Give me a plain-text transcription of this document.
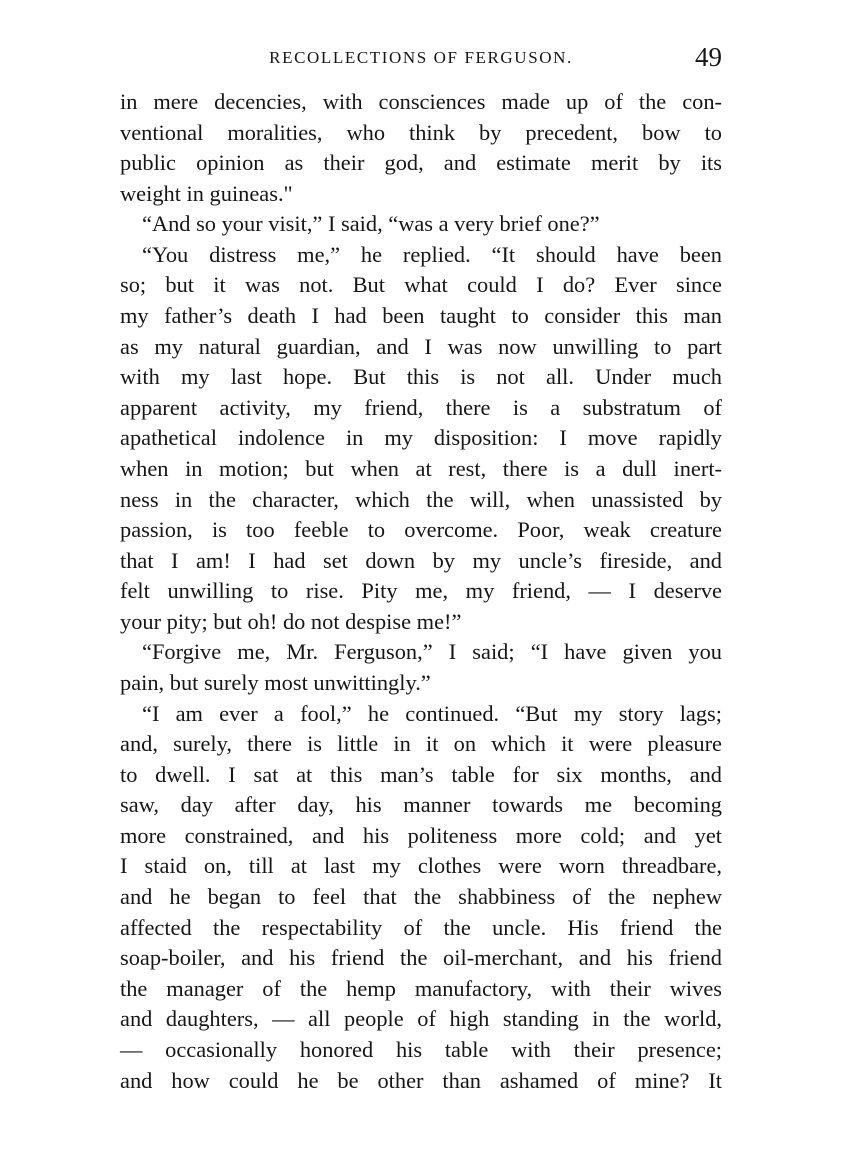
RECOLLECTIONS OF FERGUSON.	49
in mere decencies, with consciences made up of the con-
ventional moralities, who think by precedent, bow to
public opinion as their god, and estimate merit by its
weight in guineas."
“And so your visit,” I said, “was a very brief one?”
“You distress me,” he replied. “It should have been
so; but it was not. But what could I do? Ever since
my father’s death I had been taught to consider this man
as my natural guardian, and I was now unwilling to part
with my last hope. But this is not all. Under much
apparent activity, my friend, there is a substratum of
apathetical indolence in my disposition: I move rapidly
when in motion; but when at rest, there is a dull inert-
ness in the character, which the will, when unassisted by
passion, is too feeble to overcome. Poor, weak creature
that I am! I had set down by my uncle’s fireside, and
felt unwilling to rise. Pity me, my friend, — I deserve
your pity; but oh! do not despise me!”
“Forgive me, Mr. Ferguson,” I said; “I have given you
pain, but surely most unwittingly.”
“I am ever a fool,” he continued. “But my story lags;
and, surely, there is little in it on which it were pleasure
to dwell. I sat at this man’s table for six months, and
saw, day after day, his manner towards me becoming
more constrained, and his politeness more cold; and yet
I staid on, till at last my clothes were worn threadbare,
and he began to feel that the shabbiness of the nephew
affected the respectability of the uncle. His friend the
soap-boiler, and his friend the oil-merchant, and his friend
the manager of the hemp manufactory, with their wives
and daughters, — all people of high standing in the world,
— occasionally honored his table with their presence;
and how could he be other than ashamed of mine? It
